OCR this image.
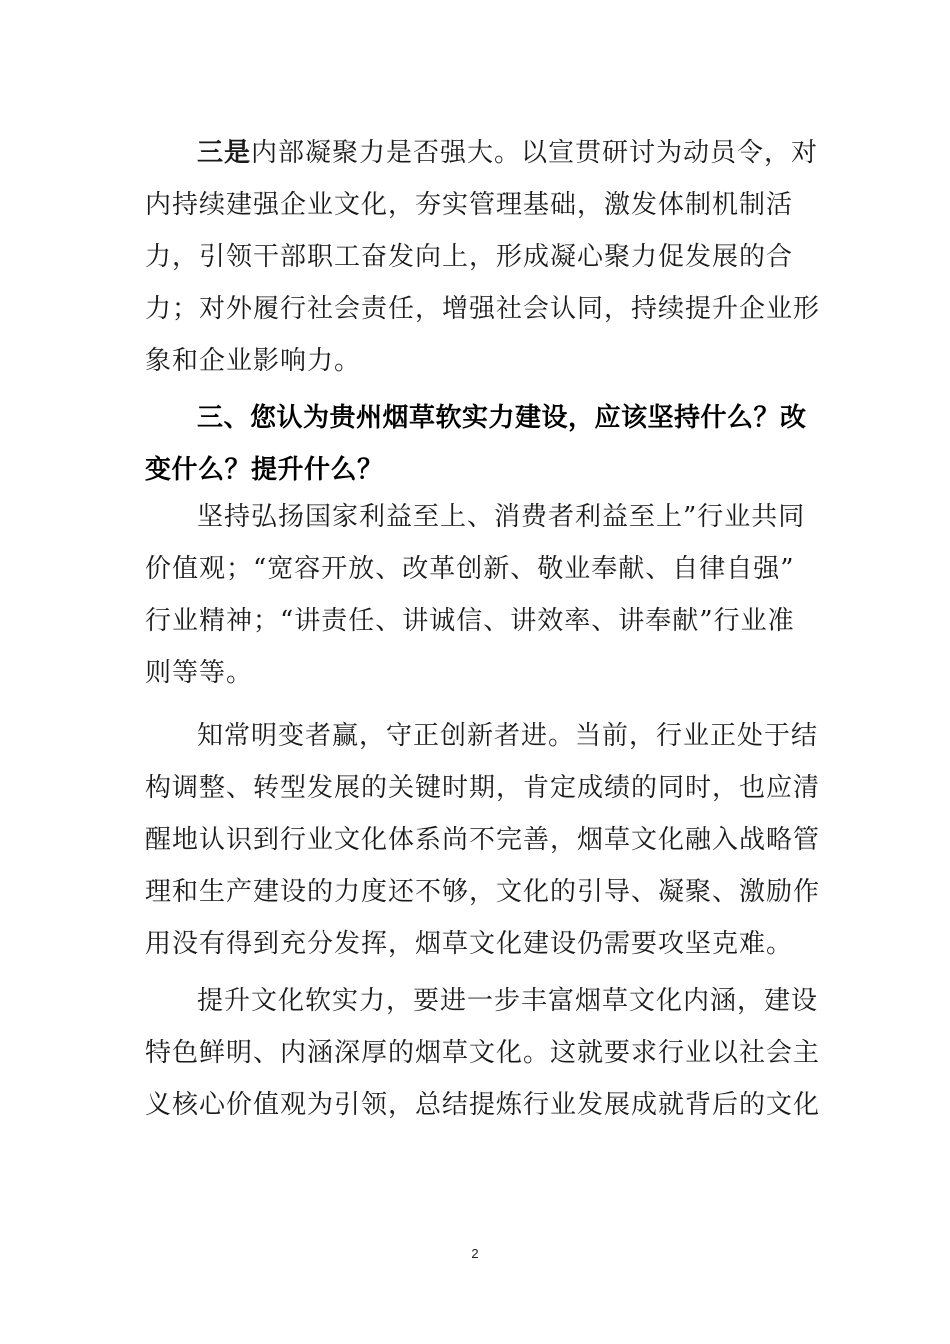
三是内部凝聚力是否强大。以宣贯研讨为动员令，对
内持续建强企业文化，夯实管理基础，激发体制机制活
力，引领干部职工奋发向上，形成凝心聚力促发展的合
力；对外履行社会责任，增强社会认同，持续提升企业形
象和企业影响力。
三、您认为贵州烟草软实力建设，应该坚持什么？改
变什么？提升什么？
坚持弘扬国家利益至上、消费者利益至上”行业共同
价值观；“宽容开放、改革创新、敬业奉献、自律自强”
行业精神；“讲责任、讲诚信、讲效率、讲奉献”行业准
则等等。
知常明变者赢，守正创新者进。当前，行业正处于结
构调整、转型发展的关键时期，肯定成绩的同时，也应清
醒地认识到行业文化体系尚不完善，烟草文化融入战略管
理和生产建设的力度还不够，文化的引导、凝聚、激励作
用没有得到充分发挥，烟草文化建设仍需要攻坚克难。
提升文化软实力，要进一步丰富烟草文化内涵，建设
特色鲜明、内涵深厚的烟草文化。这就要求行业以社会主
义核心价值观为引领，总结提炼行业发展成就背后的文化
2
